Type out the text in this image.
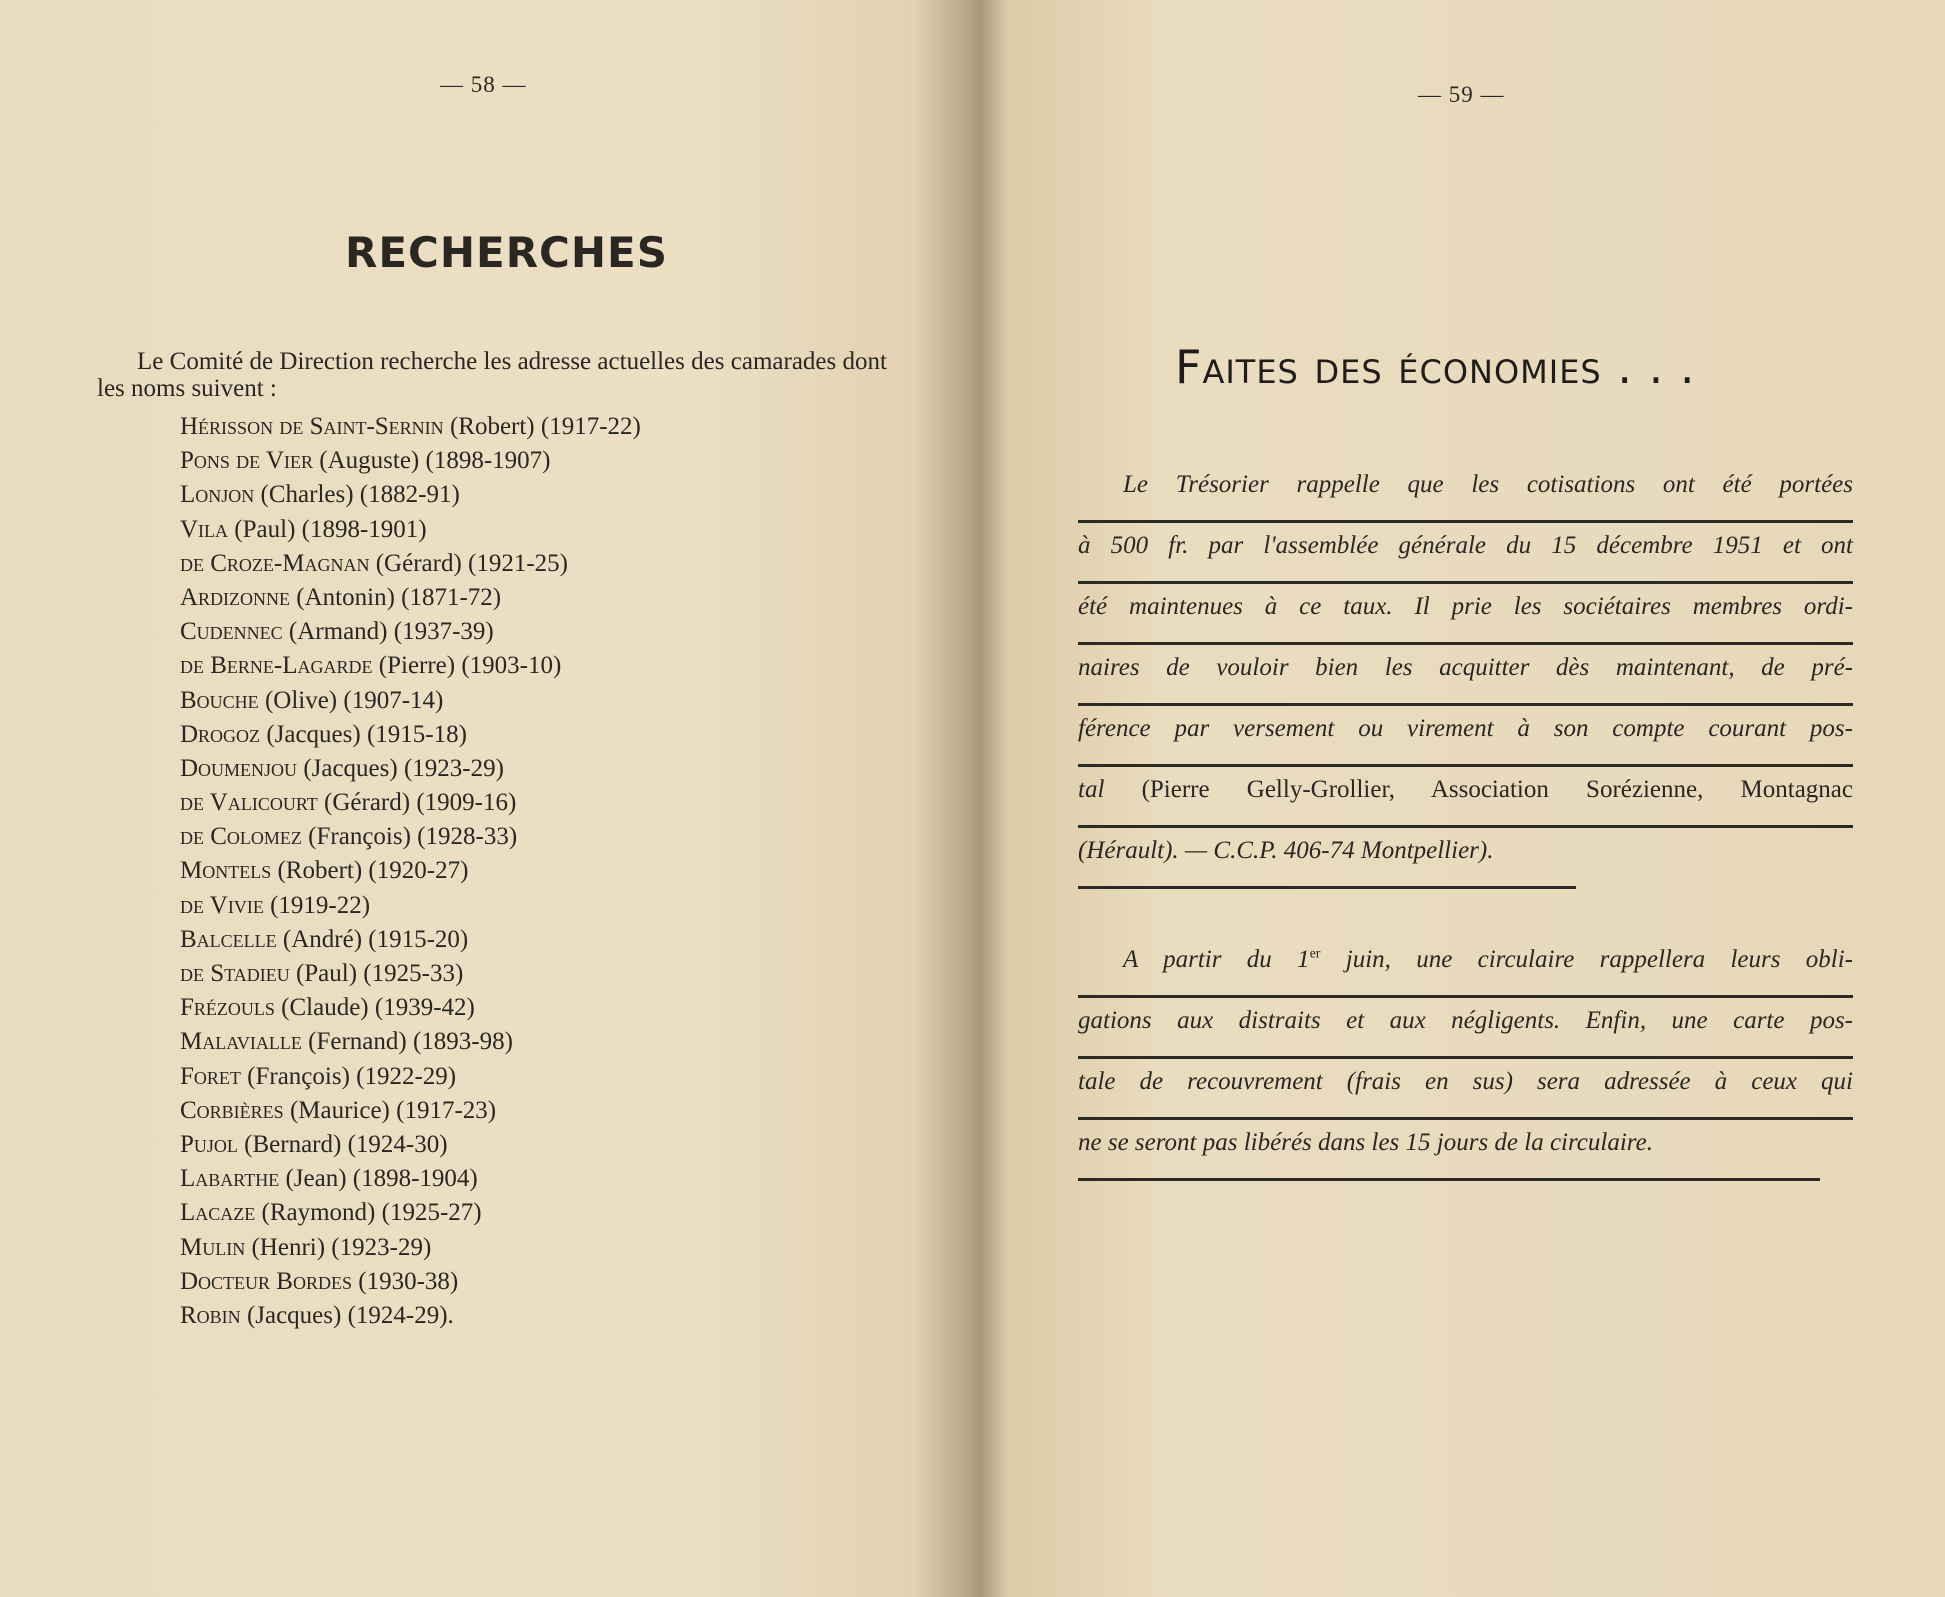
— 58 —
RECHERCHES
Le Comité de Direction recherche les adresse actuelles des camarades dont les noms suivent :
Hérisson de Saint-Sernin (Robert) (1917-22)
Pons de Vier (Auguste) (1898-1907)
Lonjon (Charles) (1882-91)
Vila (Paul) (1898-1901)
de Croze-Magnan (Gérard) (1921-25)
Ardizonne (Antonin) (1871-72)
Cudennec (Armand) (1937-39)
de Berne-Lagarde (Pierre) (1903-10)
Bouche (Olive) (1907-14)
Drogoz (Jacques) (1915-18)
Doumenjou (Jacques) (1923-29)
de Valicourt (Gérard) (1909-16)
de Colomez (François) (1928-33)
Montels (Robert) (1920-27)
de Vivie (1919-22)
Balcelle (André) (1915-20)
de Stadieu (Paul) (1925-33)
Frézouls (Claude) (1939-42)
Malavialle (Fernand) (1893-98)
Foret (François) (1922-29)
Corbières (Maurice) (1917-23)
Pujol (Bernard) (1924-30)
Labarthe (Jean) (1898-1904)
Lacaze (Raymond) (1925-27)
Mulin (Henri) (1923-29)
Docteur Bordes (1930-38)
Robin (Jacques) (1924-29).
— 59 —
Faites des économies . . .
Le Trésorier rappelle que les cotisations ont été portées
à 500 fr. par l'assemblée générale du 15 décembre 1951 et ont
été maintenues à ce taux. Il prie les sociétaires membres ordi-
naires de vouloir bien les acquitter dès maintenant, de pré-
férence par versement ou virement à son compte courant pos-
tal (Pierre Gelly-Grollier, Association Sorézienne, Montagnac
(Hérault). — C.C.P. 406-74 Montpellier).
A partir du 1er juin, une circulaire rappellera leurs obli-
gations aux distraits et aux négligents. Enfin, une carte pos-
tale de recouvrement (frais en sus) sera adressée à ceux qui
ne se seront pas libérés dans les 15 jours de la circulaire.
